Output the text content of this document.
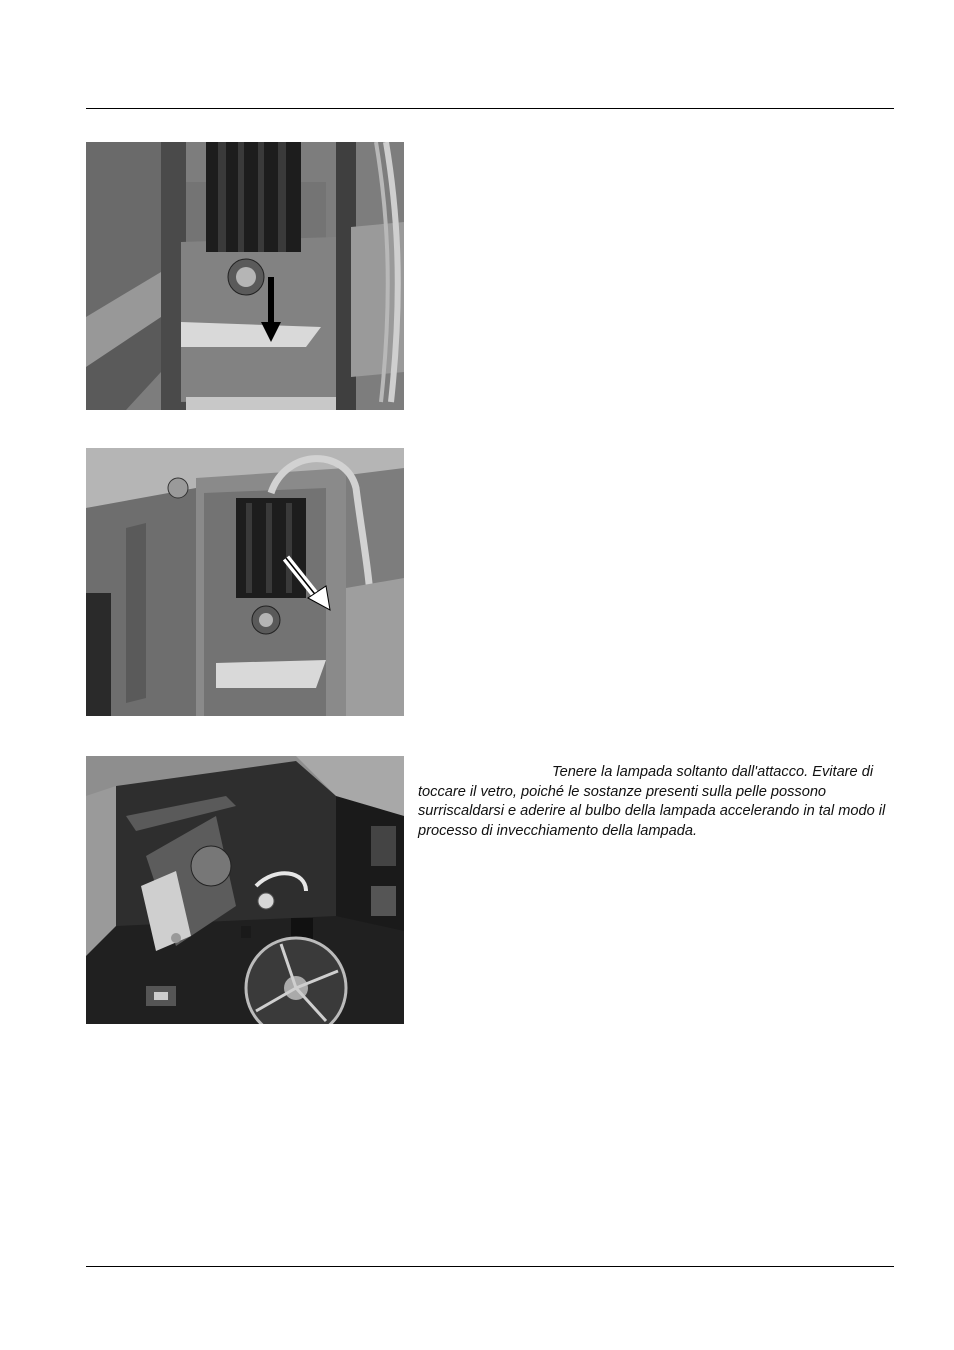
Tenere la lampada soltanto dall'attacco. Evitare di toccare il vetro, poiché le sostanze presenti sulla pelle possono surriscaldarsi e aderire al bulbo della lampada accelerando in tal modo il processo di invecchiamento della lampada.
